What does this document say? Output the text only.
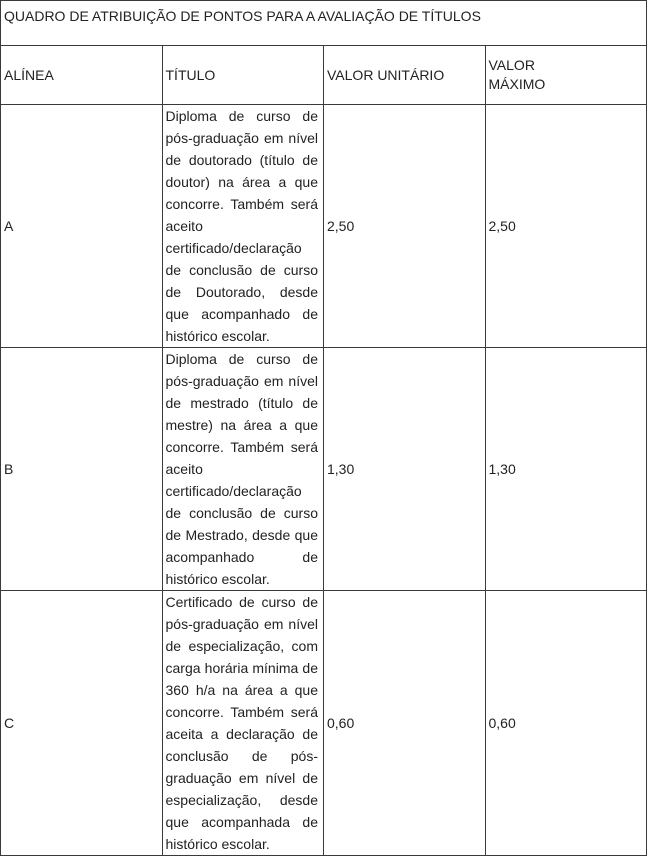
QUADRO DE ATRIBUIÇÃO DE PONTOS PARA A AVALIAÇÃO DE TÍTULOS			
ALÍNEA	TÍTULO	VALOR UNITÁRIO	VALOR
MÁXIMO

A	Diploma de curso de pós-graduação em nível de doutorado (título de doutor) na área a que concorre. Também será aceito certificado/declaração de conclusão de curso de Doutorado, desde que acompanhado de histórico escolar.	2,50	2,50
B	Diploma de curso de pós-graduação em nível de mestrado (título de mestre) na área a que concorre. Também será aceito certificado/declaração de conclusão de curso de Mestrado, desde que acompanhado de histórico escolar.	1,30	1,30
C	Certificado de curso de pós-graduação em nível de especialização, com carga horária mínima de 360 h/a na área a que concorre. Também será aceita a declaração de conclusão de pós-graduação em nível de especialização, desde que acompanhada de histórico escolar.	0,60	0,60
